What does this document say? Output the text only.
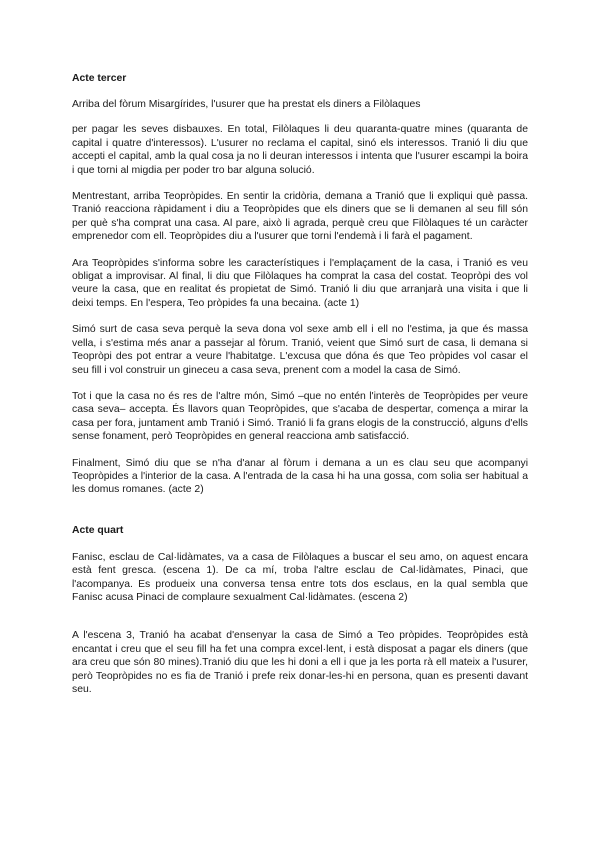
Acte tercer

Arriba del fòrum Misargírides, l'usurer que ha prestat els diners a Filòlaques

per pagar les seves disbauxes. En total, Filòlaques li deu quaranta-quatre mines (quaranta de capital i quatre d'interessos). L'usurer no reclama el capital, sinó els interessos. Tranió li diu que accepti el capital, amb la qual cosa ja no li deuran interessos i intenta que l'usurer escampi la boira i que torni al migdia per poder tro bar alguna solució.

Mentrestant, arriba Teopròpides. En sentir la cridòria, demana a Tranió que li expliqui què passa. Tranió reacciona ràpidament i diu a Teopròpides que els diners que se li demanen al seu fill són per què s'ha comprat una casa. Al pare, això li agrada, perquè creu que Filòlaques té un caràcter emprenedor com ell. Teopròpides diu a l'usurer que torni l'endemà i li farà el pagament.

Ara Teopròpides s'informa sobre les característiques i l'emplaçament de la casa, i Tranió es veu obligat a improvisar. Al final, li diu que Filòlaques ha comprat la casa del costat. Teopròpi des vol veure la casa, que en realitat és propietat de Simó. Tranió li diu que arranjarà una visita i que li deixi temps. En l'espera, Teo pròpides fa una becaina. (acte 1)

Simó surt de casa seva perquè la seva dona vol sexe amb ell i ell no l'estima, ja que és massa vella, i s'estima més anar a passejar al fòrum. Tranió, veient que Simó surt de casa, li demana si Teopròpi des pot entrar a veure l'habitatge. L'excusa que dóna és que Teo pròpides vol casar el seu fill i vol construir un gineceu a casa seva, prenent com a model la casa de Simó.

Tot i que la casa no és res de l'altre món, Simó –que no entén l'interès de Teopròpides per veure casa seva– accepta. És llavors quan Teopròpides, que s'acaba de despertar, comença a mirar la casa per fora, juntament amb Tranió i Simó. Tranió li fa grans elogis de la construcció, alguns d'ells sense fonament, però Teopròpides en general reacciona amb satisfacció.

Finalment, Simó diu que se n'ha d'anar al fòrum i demana a un es clau seu que acompanyi Teopròpides a l'interior de la casa. A l'entrada de la casa hi ha una gossa, com solia ser habitual a les domus romanes. (acte 2)

Acte quart

Fanisc, esclau de Cal·lidàmates, va a casa de Filòlaques a buscar el seu amo, on aquest encara està fent gresca. (escena 1). De ca mí, troba l'altre esclau de Cal·lidàmates, Pinaci, que l'acompanya. Es produeix una conversa tensa entre tots dos esclaus, en la qual sembla que Fanisc acusa Pinaci de complaure sexualment Cal·lidàmates. (escena 2)

A l'escena 3, Tranió ha acabat d'ensenyar la casa de Simó a Teo pròpides. Teopròpides està encantat i creu que el seu fill ha fet una compra excel·lent, i està disposat a pagar els diners (que ara creu que són 80 mines).Tranió diu que les hi doni a ell i que ja les porta rà ell mateix a l'usurer, però Teopròpides no es fia de Tranió i prefe reix donar-les-hi en persona, quan es presenti davant seu.
